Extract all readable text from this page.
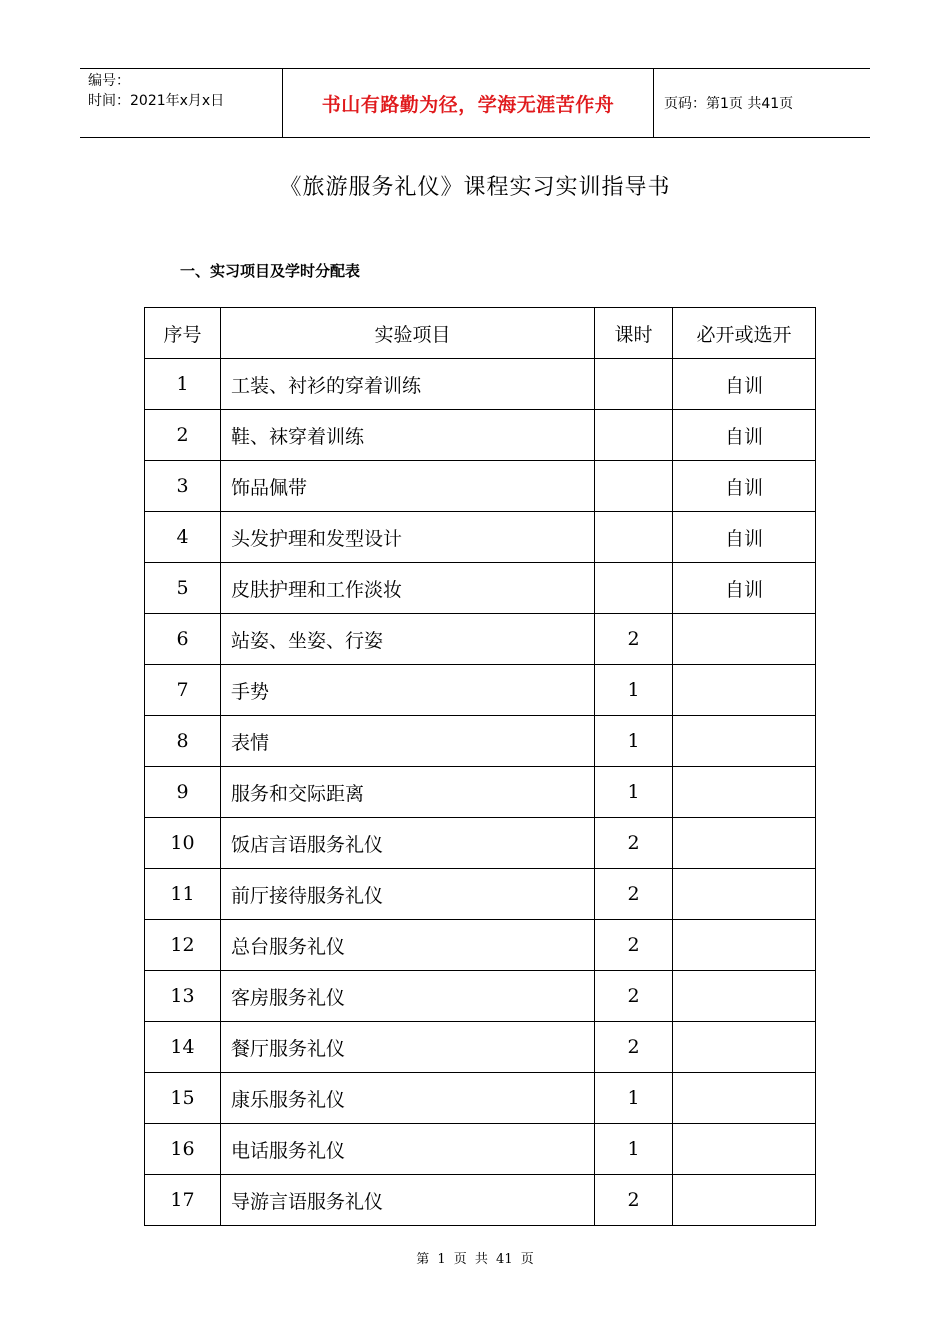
编号：
时间：2021年x月x日	书山有路勤为径，学海无涯苦作舟	页码：第1页 共41页
《旅游服务礼仪》课程实习实训指导书
一、实习项目及学时分配表
序号	实验项目	课时	必开或选开
1	工装、衬衫的穿着训练		自训
2	鞋、袜穿着训练		自训
3	饰品佩带		自训
4	头发护理和发型设计		自训
5	皮肤护理和工作淡妆		自训
6	站姿、坐姿、行姿	2	
7	手势	1	
8	表情	1	
9	服务和交际距离	1	
10	饭店言语服务礼仪	2	
11	前厅接待服务礼仪	2	
12	总台服务礼仪	2	
13	客房服务礼仪	2	
14	餐厅服务礼仪	2	
15	康乐服务礼仪	1	
16	电话服务礼仪	1	
17	导游言语服务礼仪	2	
第 1 页 共 41 页
